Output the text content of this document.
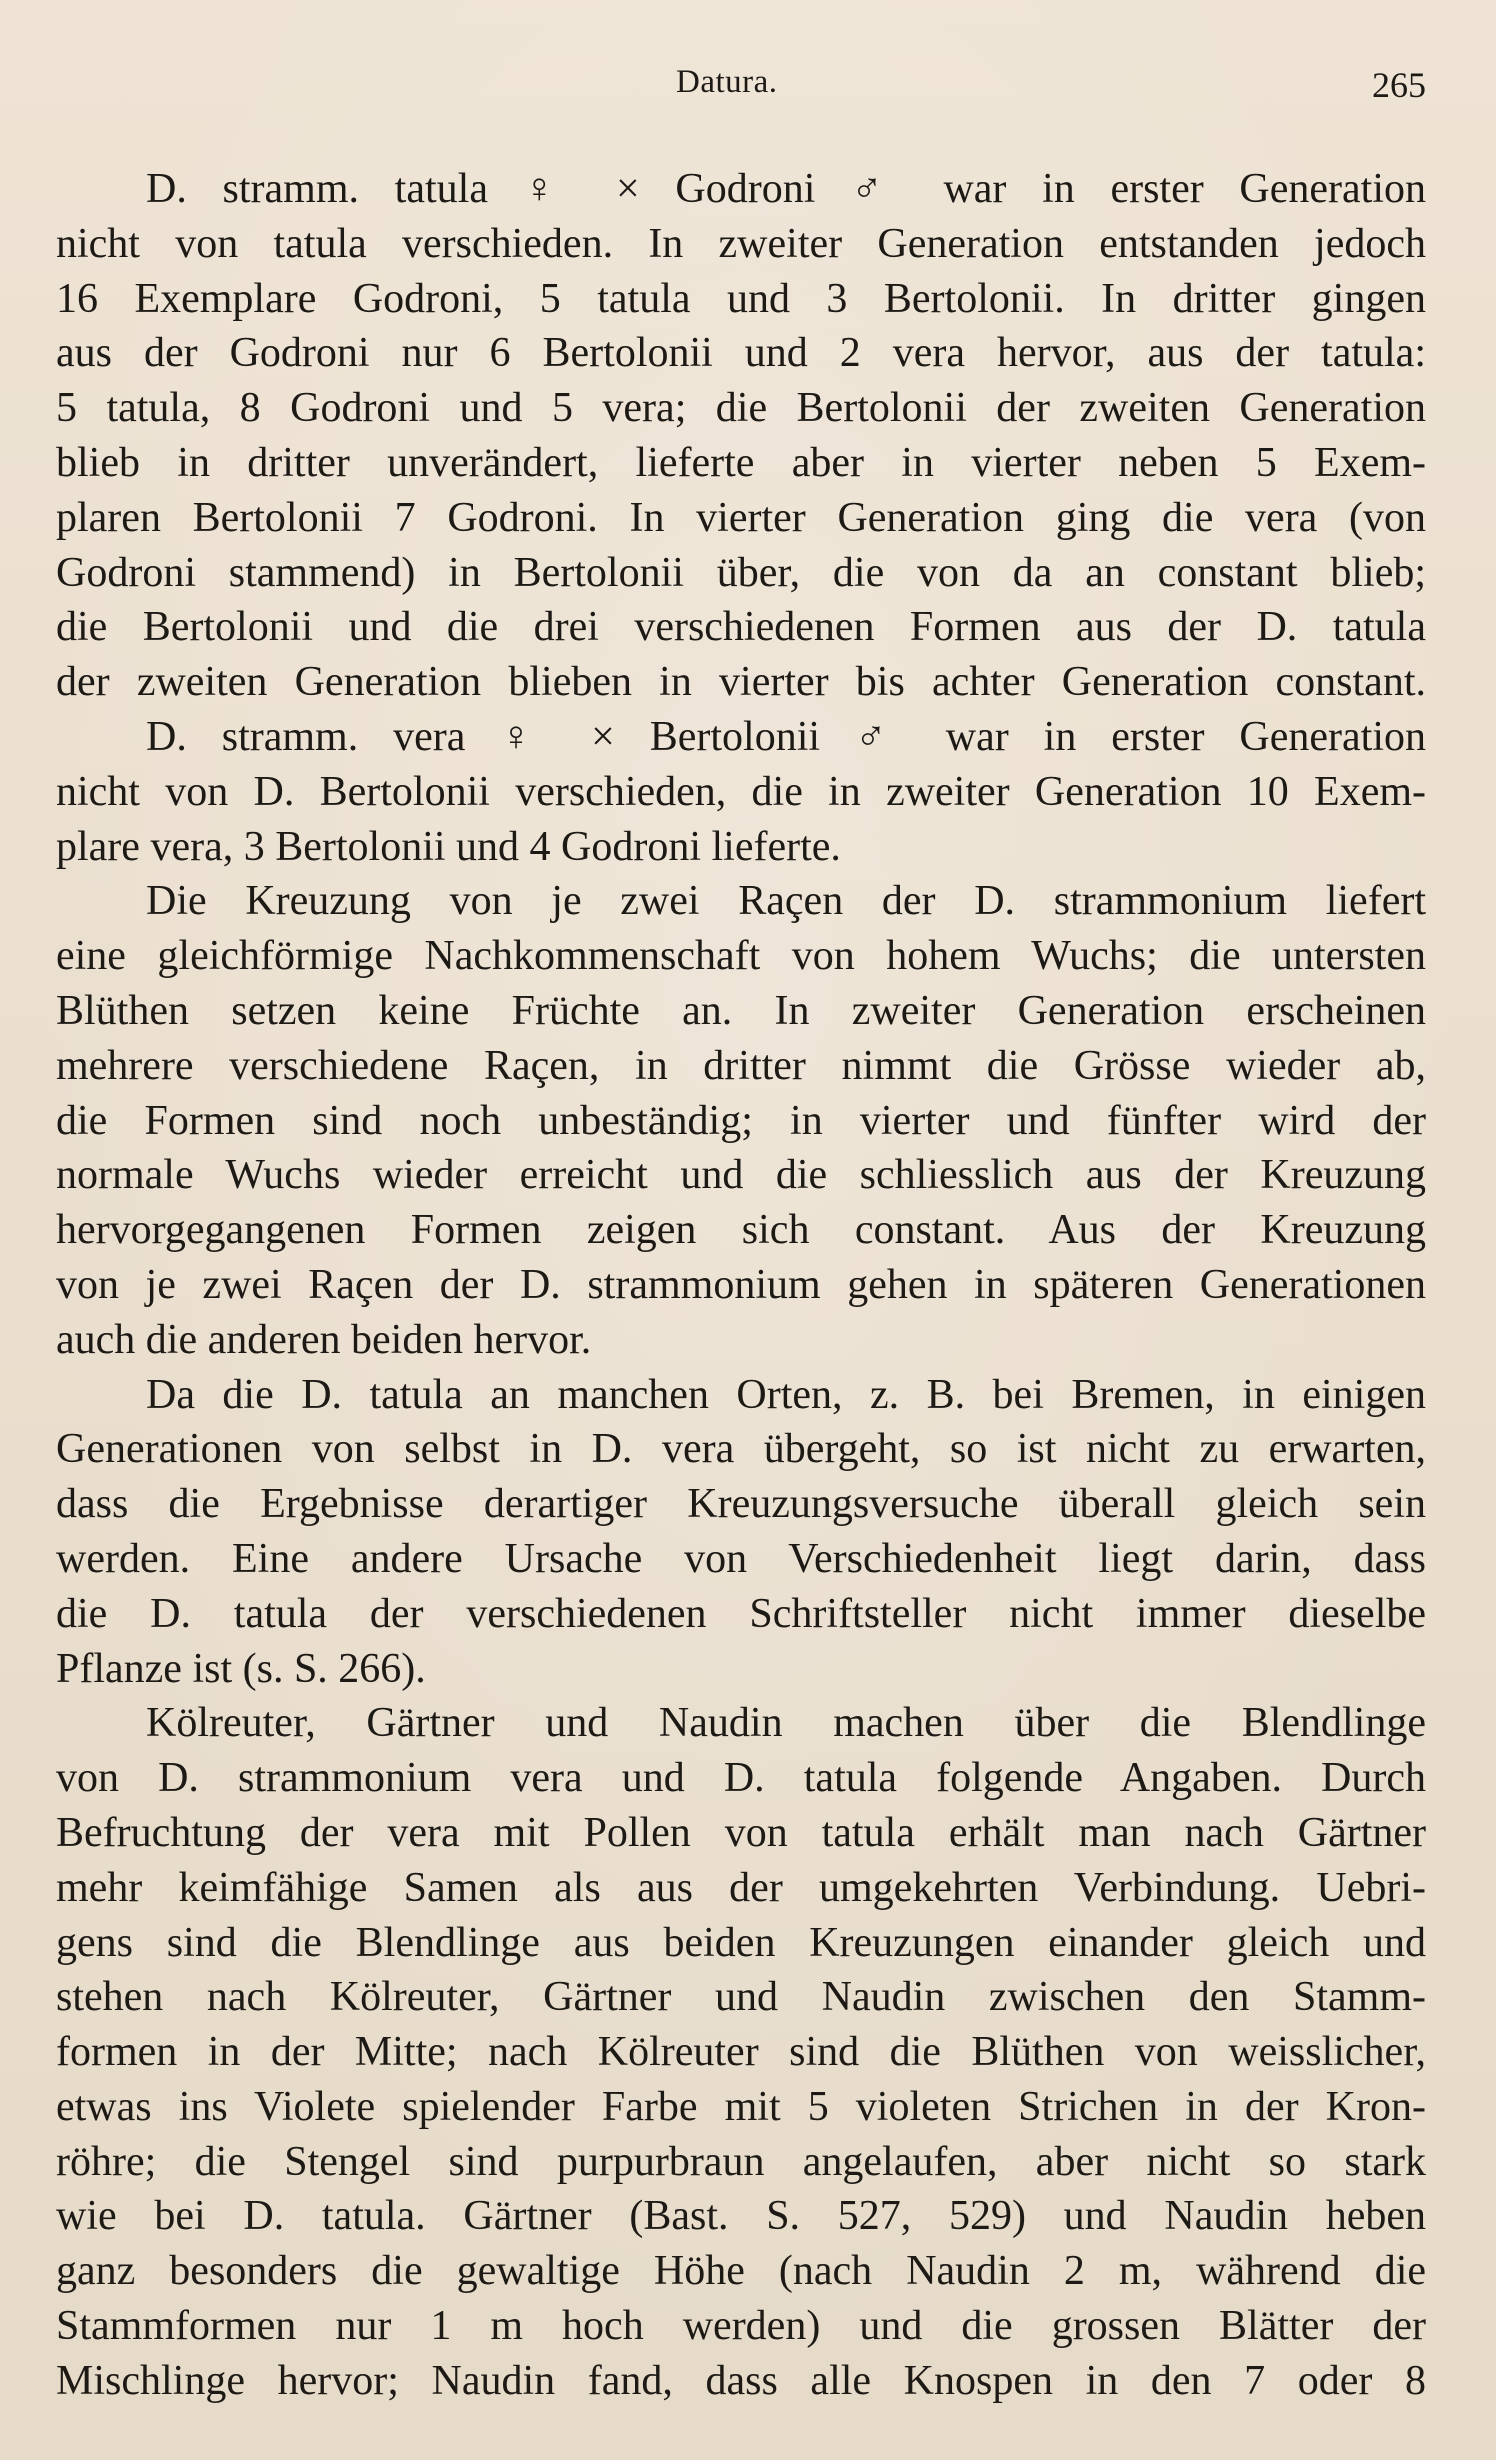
Datura.	265
D. stramm. tatula ♀ × Godroni ♂ war in erster Generation
nicht von tatula verschieden. In zweiter Generation entstanden jedoch
16 Exemplare Godroni, 5 tatula und 3 Bertolonii. In dritter gingen
aus der Godroni nur 6 Bertolonii und 2 vera hervor, aus der tatula:
5 tatula, 8 Godroni und 5 vera; die Bertolonii der zweiten Generation
blieb in dritter unverändert, lieferte aber in vierter neben 5 Exem-
plaren Bertolonii 7 Godroni. In vierter Generation ging die vera (von
Godroni stammend) in Bertolonii über, die von da an constant blieb;
die Bertolonii und die drei verschiedenen Formen aus der D. tatula
der zweiten Generation blieben in vierter bis achter Generation constant.
D. stramm. vera ♀ × Bertolonii ♂ war in erster Generation
nicht von D. Bertolonii verschieden, die in zweiter Generation 10 Exem-
plare vera, 3 Bertolonii und 4 Godroni lieferte.
Die Kreuzung von je zwei Raçen der D. strammonium liefert
eine gleichförmige Nachkommenschaft von hohem Wuchs; die untersten
Blüthen setzen keine Früchte an. In zweiter Generation erscheinen
mehrere verschiedene Raçen, in dritter nimmt die Grösse wieder ab,
die Formen sind noch unbeständig; in vierter und fünfter wird der
normale Wuchs wieder erreicht und die schliesslich aus der Kreuzung
hervorgegangenen Formen zeigen sich constant. Aus der Kreuzung
von je zwei Raçen der D. strammonium gehen in späteren Generationen
auch die anderen beiden hervor.
Da die D. tatula an manchen Orten, z. B. bei Bremen, in einigen
Generationen von selbst in D. vera übergeht, so ist nicht zu erwarten,
dass die Ergebnisse derartiger Kreuzungsversuche überall gleich sein
werden. Eine andere Ursache von Verschiedenheit liegt darin, dass
die D. tatula der verschiedenen Schriftsteller nicht immer dieselbe
Pflanze ist (s. S. 266).
Kölreuter, Gärtner und Naudin machen über die Blendlinge
von D. strammonium vera und D. tatula folgende Angaben. Durch
Befruchtung der vera mit Pollen von tatula erhält man nach Gärtner
mehr keimfähige Samen als aus der umgekehrten Verbindung. Uebri-
gens sind die Blendlinge aus beiden Kreuzungen einander gleich und
stehen nach Kölreuter, Gärtner und Naudin zwischen den Stamm-
formen in der Mitte; nach Kölreuter sind die Blüthen von weisslicher,
etwas ins Violete spielender Farbe mit 5 violeten Strichen in der Kron-
röhre; die Stengel sind purpurbraun angelaufen, aber nicht so stark
wie bei D. tatula. Gärtner (Bast. S. 527, 529) und Naudin heben
ganz besonders die gewaltige Höhe (nach Naudin 2 m, während die
Stammformen nur 1 m hoch werden) und die grossen Blätter der
Mischlinge hervor; Naudin fand, dass alle Knospen in den 7 oder 8
